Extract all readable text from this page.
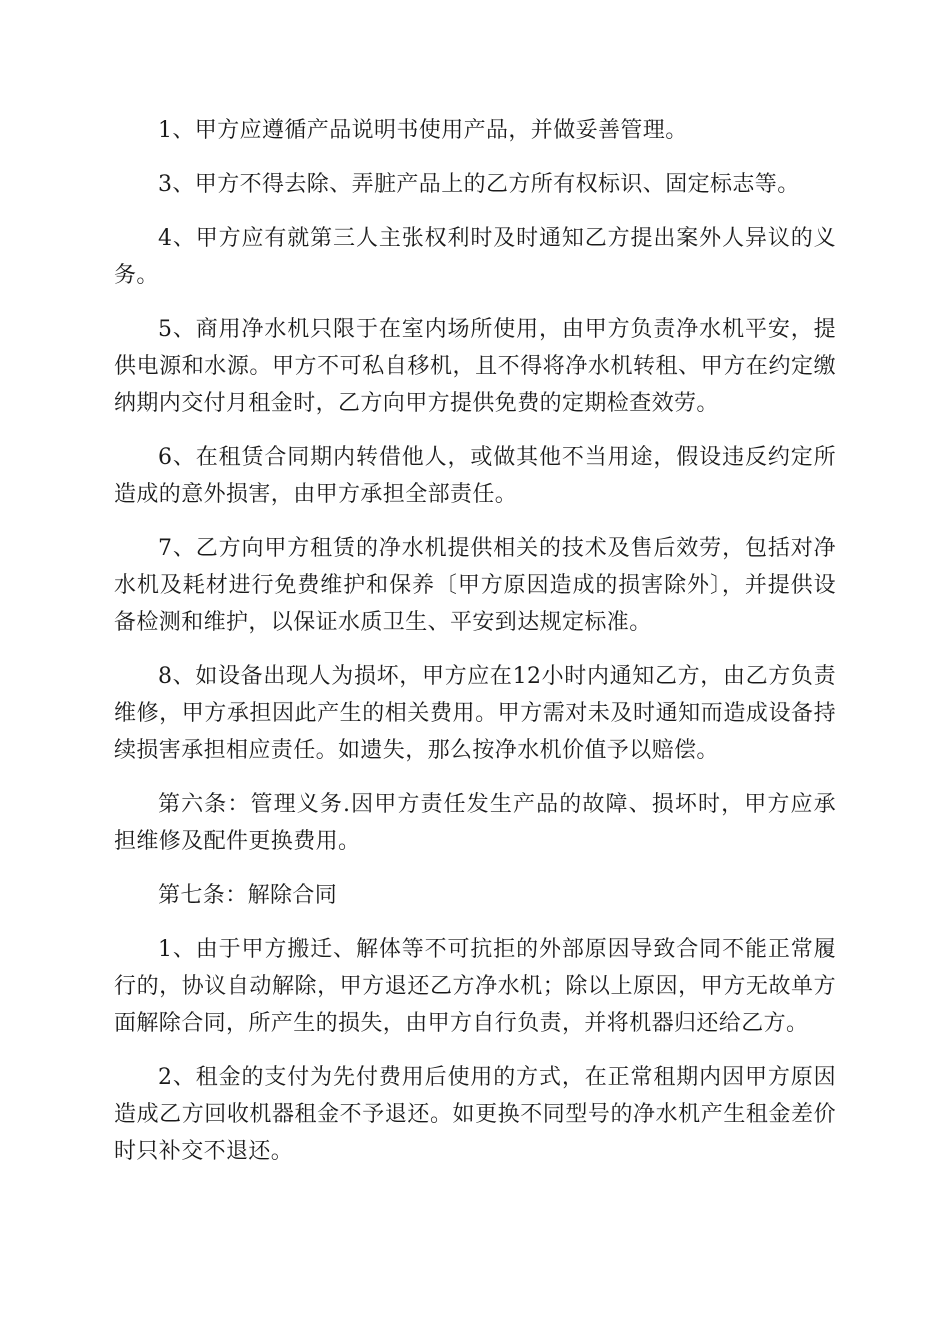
1、甲方应遵循产品说明书使用产品，并做妥善管理。

3、甲方不得去除、弄脏产品上的乙方所有权标识、固定标志等。

4、甲方应有就第三人主张权利时及时通知乙方提出案外人异议的义务。

5、商用净水机只限于在室内场所使用，由甲方负责净水机平安，提供电源和水源。甲方不可私自移机，且不得将净水机转租、甲方在约定缴纳期内交付月租金时，乙方向甲方提供免费的定期检查效劳。

6、在租赁合同期内转借他人，或做其他不当用途，假设违反约定所造成的意外损害，由甲方承担全部责任。

7、乙方向甲方租赁的净水机提供相关的技术及售后效劳，包括对净水机及耗材进行免费维护和保养〔甲方原因造成的损害除外〕，并提供设备检测和维护，以保证水质卫生、平安到达规定标准。

8、如设备出现人为损坏，甲方应在12小时内通知乙方，由乙方负责维修，甲方承担因此产生的相关费用。甲方需对未及时通知而造成设备持续损害承担相应责任。如遗失，那么按净水机价值予以赔偿。

第六条：管理义务.因甲方责任发生产品的故障、损坏时，甲方应承担维修及配件更换费用。

第七条：解除合同

1、由于甲方搬迁、解体等不可抗拒的外部原因导致合同不能正常履行的，协议自动解除，甲方退还乙方净水机；除以上原因，甲方无故单方面解除合同，所产生的损失，由甲方自行负责，并将机器归还给乙方。

2、租金的支付为先付费用后使用的方式，在正常租期内因甲方原因造成乙方回收机器租金不予退还。如更换不同型号的净水机产生租金差价时只补交不退还。
